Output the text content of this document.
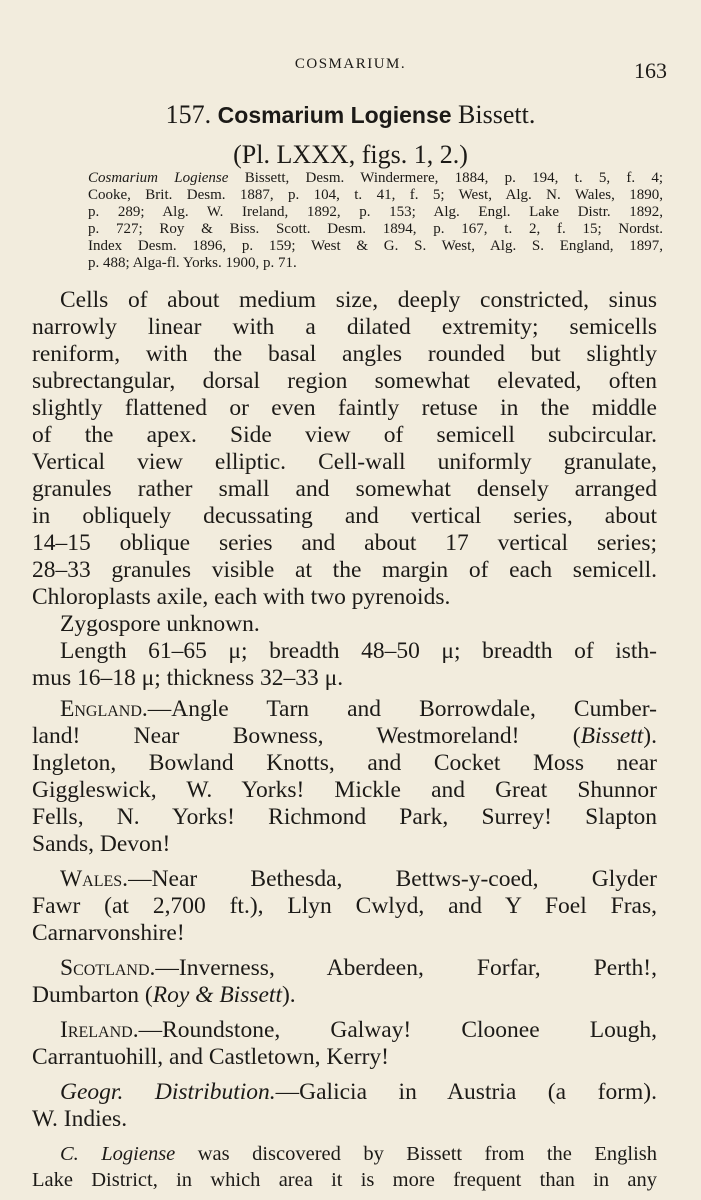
COSMARIUM.	163
157. Cosmarium Logiense Bissett.
(Pl. LXXX, figs. 1, 2.)
Cosmarium Logiense Bissett, Desm. Windermere, 1884, p. 194, t. 5, f. 4;
Cooke, Brit. Desm. 1887, p. 104, t. 41, f. 5; West, Alg. N. Wales, 1890,
p. 289; Alg. W. Ireland, 1892, p. 153; Alg. Engl. Lake Distr. 1892,
p. 727; Roy & Biss. Scott. Desm. 1894, p. 167, t. 2, f. 15; Nordst.
Index Desm. 1896, p. 159; West & G. S. West, Alg. S. England, 1897,
p. 488; Alga-fl. Yorks. 1900, p. 71.
Cells of about medium size, deeply constricted, sinus
narrowly linear with a dilated extremity; semicells
reniform, with the basal angles rounded but slightly
subrectangular, dorsal region somewhat elevated, often
slightly flattened or even faintly retuse in the middle
of the apex. Side view of semicell subcircular.
Vertical view elliptic. Cell-wall uniformly granulate,
granules rather small and somewhat densely arranged
in obliquely decussating and vertical series, about
14–15 oblique series and about 17 vertical series;
28–33 granules visible at the margin of each semicell.
Chloroplasts axile, each with two pyrenoids.
Zygospore unknown.
Length 61–65 μ; breadth 48–50 μ; breadth of isth-
mus 16–18 μ; thickness 32–33 μ.
England.—Angle Tarn and Borrowdale, Cumber-
land! Near Bowness, Westmoreland! (Bissett).
Ingleton, Bowland Knotts, and Cocket Moss near
Giggleswick, W. Yorks! Mickle and Great Shunnor
Fells, N. Yorks! Richmond Park, Surrey! Slapton
Sands, Devon!
Wales.—Near Bethesda, Bettws-y-coed, Glyder
Fawr (at 2,700 ft.), Llyn Cwlyd, and Y Foel Fras,
Carnarvonshire!
Scotland.—Inverness, Aberdeen, Forfar, Perth!,
Dumbarton (Roy & Bissett).
Ireland.—Roundstone, Galway! Cloonee Lough,
Carrantuohill, and Castletown, Kerry!
Geogr. Distribution.—Galicia in Austria (a form).
W. Indies.
C. Logiense was discovered by Bissett from the English
Lake District, in which area it is more frequent than in any
